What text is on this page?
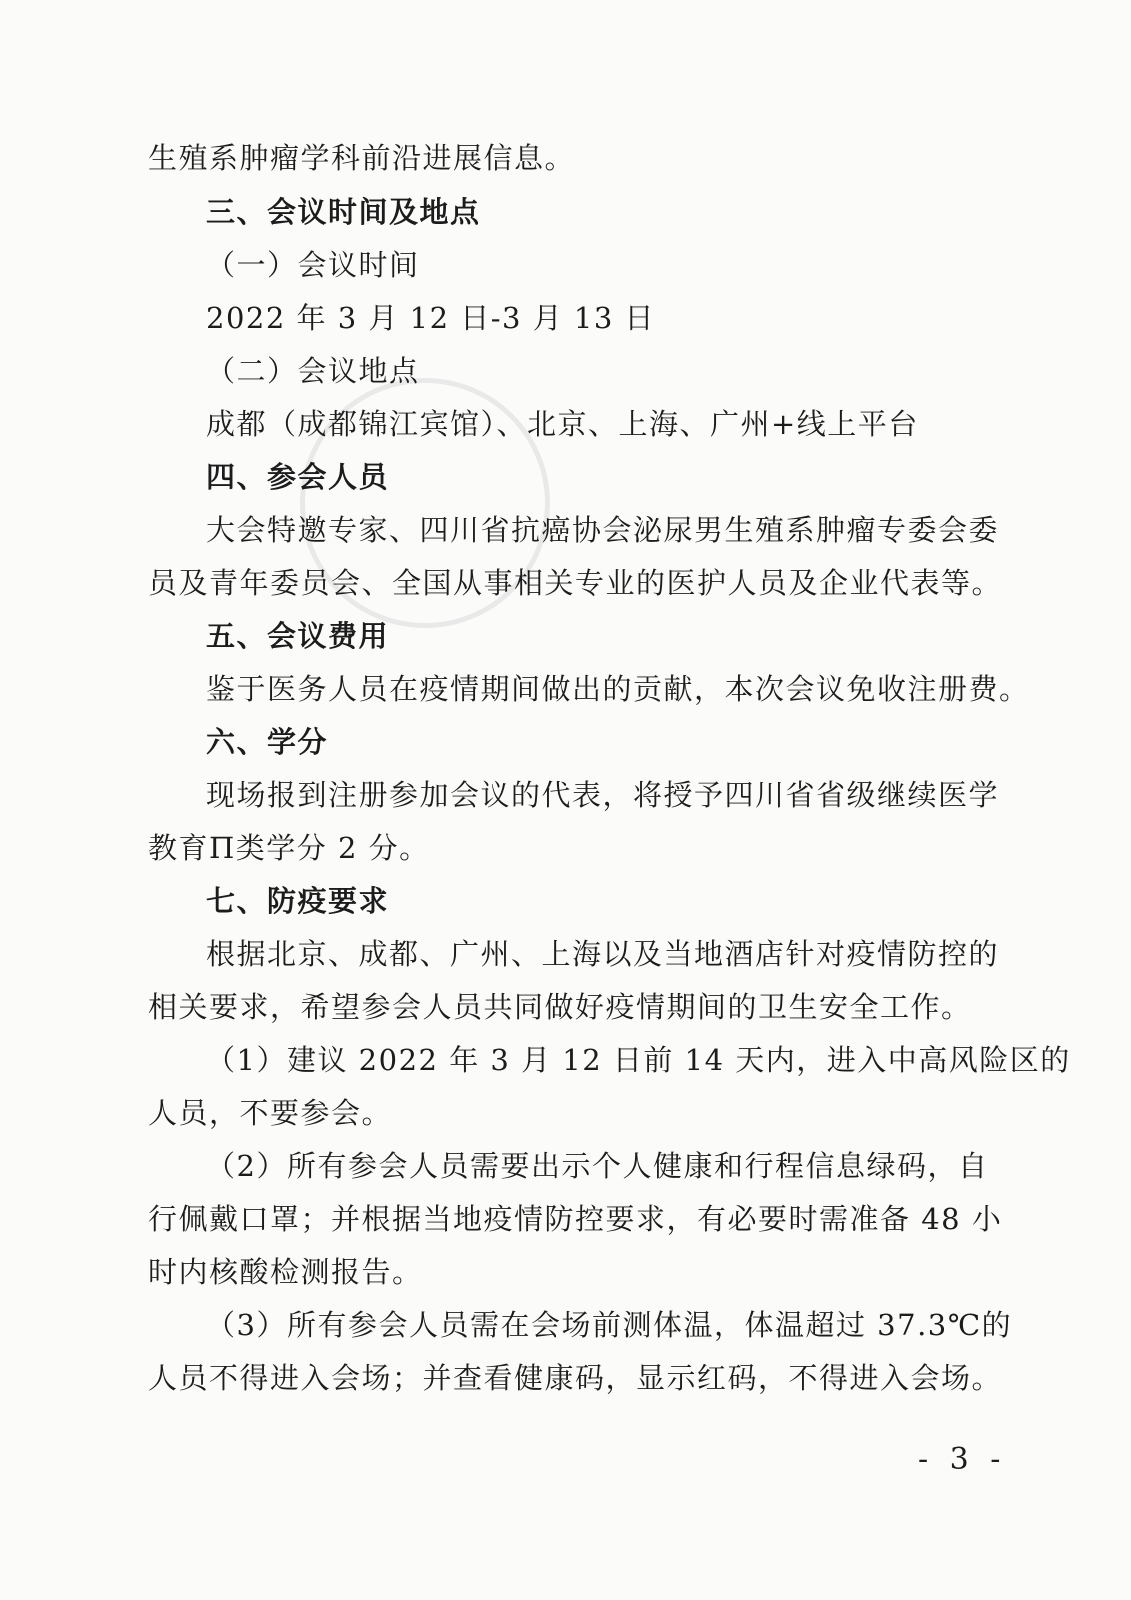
生殖系肿瘤学科前沿进展信息。
三、会议时间及地点
（一）会议时间
2022 年 3 月 12 日-3 月 13 日
（二）会议地点
成都（成都锦江宾馆）、北京、上海、广州+线上平台
四、参会人员
大会特邀专家、四川省抗癌协会泌尿男生殖系肿瘤专委会委
员及青年委员会、全国从事相关专业的医护人员及企业代表等。
五、会议费用
鉴于医务人员在疫情期间做出的贡献，本次会议免收注册费。
六、学分
现场报到注册参加会议的代表，将授予四川省省级继续医学
教育Π类学分 2 分。
七、防疫要求
根据北京、成都、广州、上海以及当地酒店针对疫情防控的
相关要求，希望参会人员共同做好疫情期间的卫生安全工作。
（1）建议 2022 年 3 月 12 日前 14 天内，进入中高风险区的
人员，不要参会。
（2）所有参会人员需要出示个人健康和行程信息绿码，自
行佩戴口罩；并根据当地疫情防控要求，有必要时需准备 48 小
时内核酸检测报告。
（3）所有参会人员需在会场前测体温，体温超过 37.3℃的
人员不得进入会场；并查看健康码，显示红码，不得进入会场。
- 3 -
